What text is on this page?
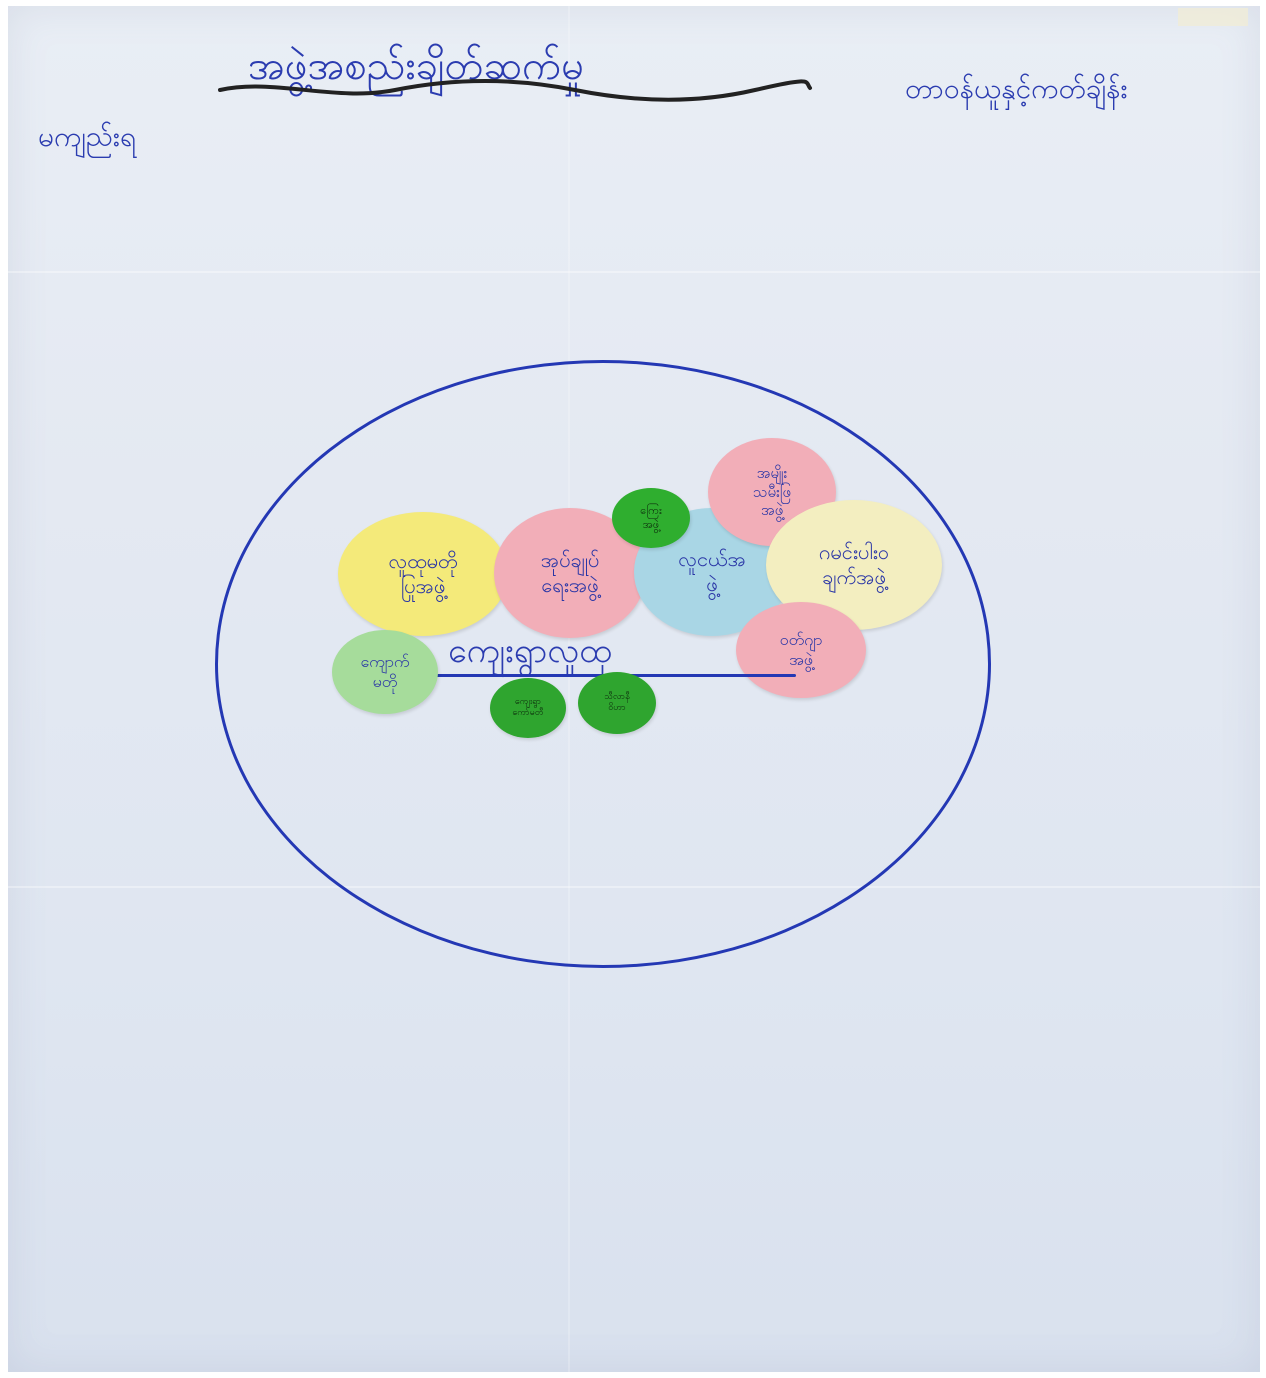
အဖွဲ့အစည်းချိတ်ဆက်မှု	တာဝန်ယူနှင့်ကတ်ချိန်း
မကျည်းရ
လူထုမတို
ပြုအဖွဲ့
အုပ်ချုပ်
ရေးအဖွဲ့
လူငယ်အ
ဖွဲ့
အမျိုး
သမီးဖြ
အဖွဲ့
ဂမင်းပါးဝ
ချက်အဖွဲ့
ဝတ်ဂျာ
အဖွဲ့
ကျေးရွာလူထု
ကျောက်
မတို
ကြေး
အဖွဲ့
ကျေးရွာ
ကော်မတီ
သီလာနီ
ဝိဟာ
